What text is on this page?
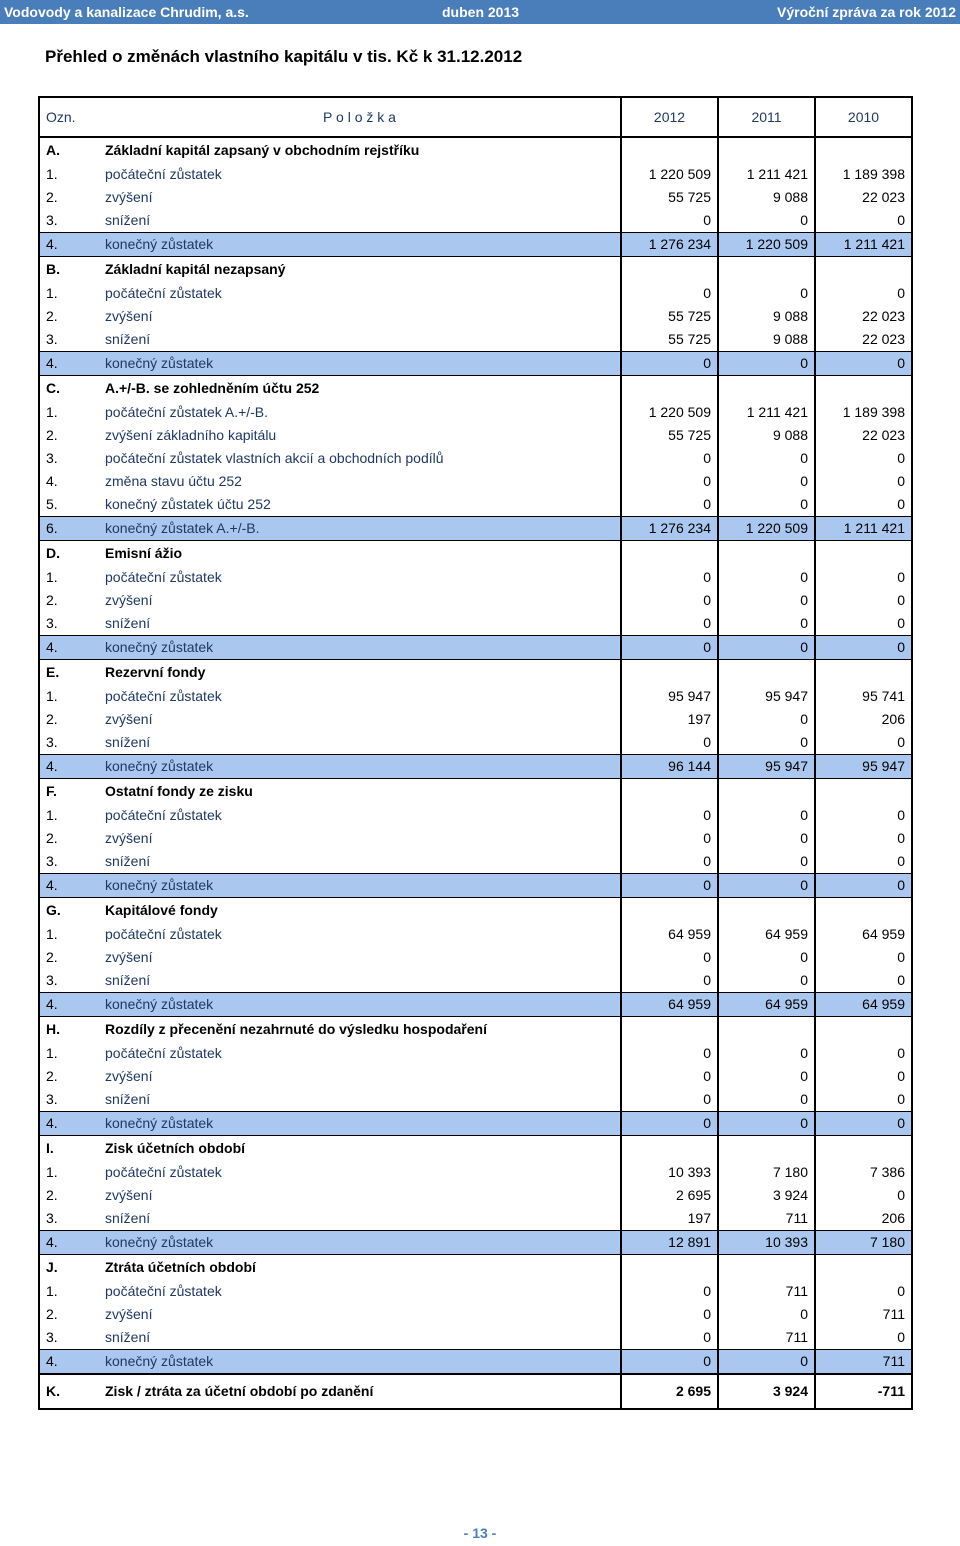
Vodovody a kanalizace Chrudim, a.s.	duben 2013	Výroční zpráva za rok 2012
Přehled o změnách vlastního kapitálu v tis. Kč k 31.12.2012
Ozn.	P o l o ž k a	2012	2011	2010
A.	Základní kapitál zapsaný v obchodním rejstříku			
1.	počáteční zůstatek	1 220 509	1 211 421	1 189 398
2.	zvýšení	55 725	9 088	22 023
3.	snížení	0	0	0
4.	konečný zůstatek	1 276 234	1 220 509	1 211 421
B.	Základní kapitál nezapsaný			
1.	počáteční zůstatek	0	0	0
2.	zvýšení	55 725	9 088	22 023
3.	snížení	55 725	9 088	22 023
4.	konečný zůstatek	0	0	0
C.	A.+/-B. se zohledněním účtu 252			
1.	počáteční zůstatek A.+/-B.	1 220 509	1 211 421	1 189 398
2.	zvýšení základního kapitálu	55 725	9 088	22 023
3.	počáteční zůstatek vlastních akcií a obchodních podílů	0	0	0
4.	změna stavu účtu 252	0	0	0
5.	konečný zůstatek účtu 252	0	0	0
6.	konečný zůstatek A.+/-B.	1 276 234	1 220 509	1 211 421
D.	Emisní ážio			
1.	počáteční zůstatek	0	0	0
2.	zvýšení	0	0	0
3.	snížení	0	0	0
4.	konečný zůstatek	0	0	0
E.	Rezervní fondy			
1.	počáteční zůstatek	95 947	95 947	95 741
2.	zvýšení	197	0	206
3.	snížení	0	0	0
4.	konečný zůstatek	96 144	95 947	95 947
F.	Ostatní fondy ze zisku			
1.	počáteční zůstatek	0	0	0
2.	zvýšení	0	0	0
3.	snížení	0	0	0
4.	konečný zůstatek	0	0	0
G.	Kapitálové fondy			
1.	počáteční zůstatek	64 959	64 959	64 959
2.	zvýšení	0	0	0
3.	snížení	0	0	0
4.	konečný zůstatek	64 959	64 959	64 959
H.	Rozdíly z přecenění nezahrnuté do výsledku hospodaření			
1.	počáteční zůstatek	0	0	0
2.	zvýšení	0	0	0
3.	snížení	0	0	0
4.	konečný zůstatek	0	0	0
I.	Zisk účetních období			
1.	počáteční zůstatek	10 393	7 180	7 386
2.	zvýšení	2 695	3 924	0
3.	snížení	197	711	206
4.	konečný zůstatek	12 891	10 393	7 180
J.	Ztráta účetních období			
1.	počáteční zůstatek	0	711	0
2.	zvýšení	0	0	711
3.	snížení	0	711	0
4.	konečný zůstatek	0	0	711
K.	Zisk / ztráta za účetní období po zdanění	2 695	3 924	-711
- 13 -
